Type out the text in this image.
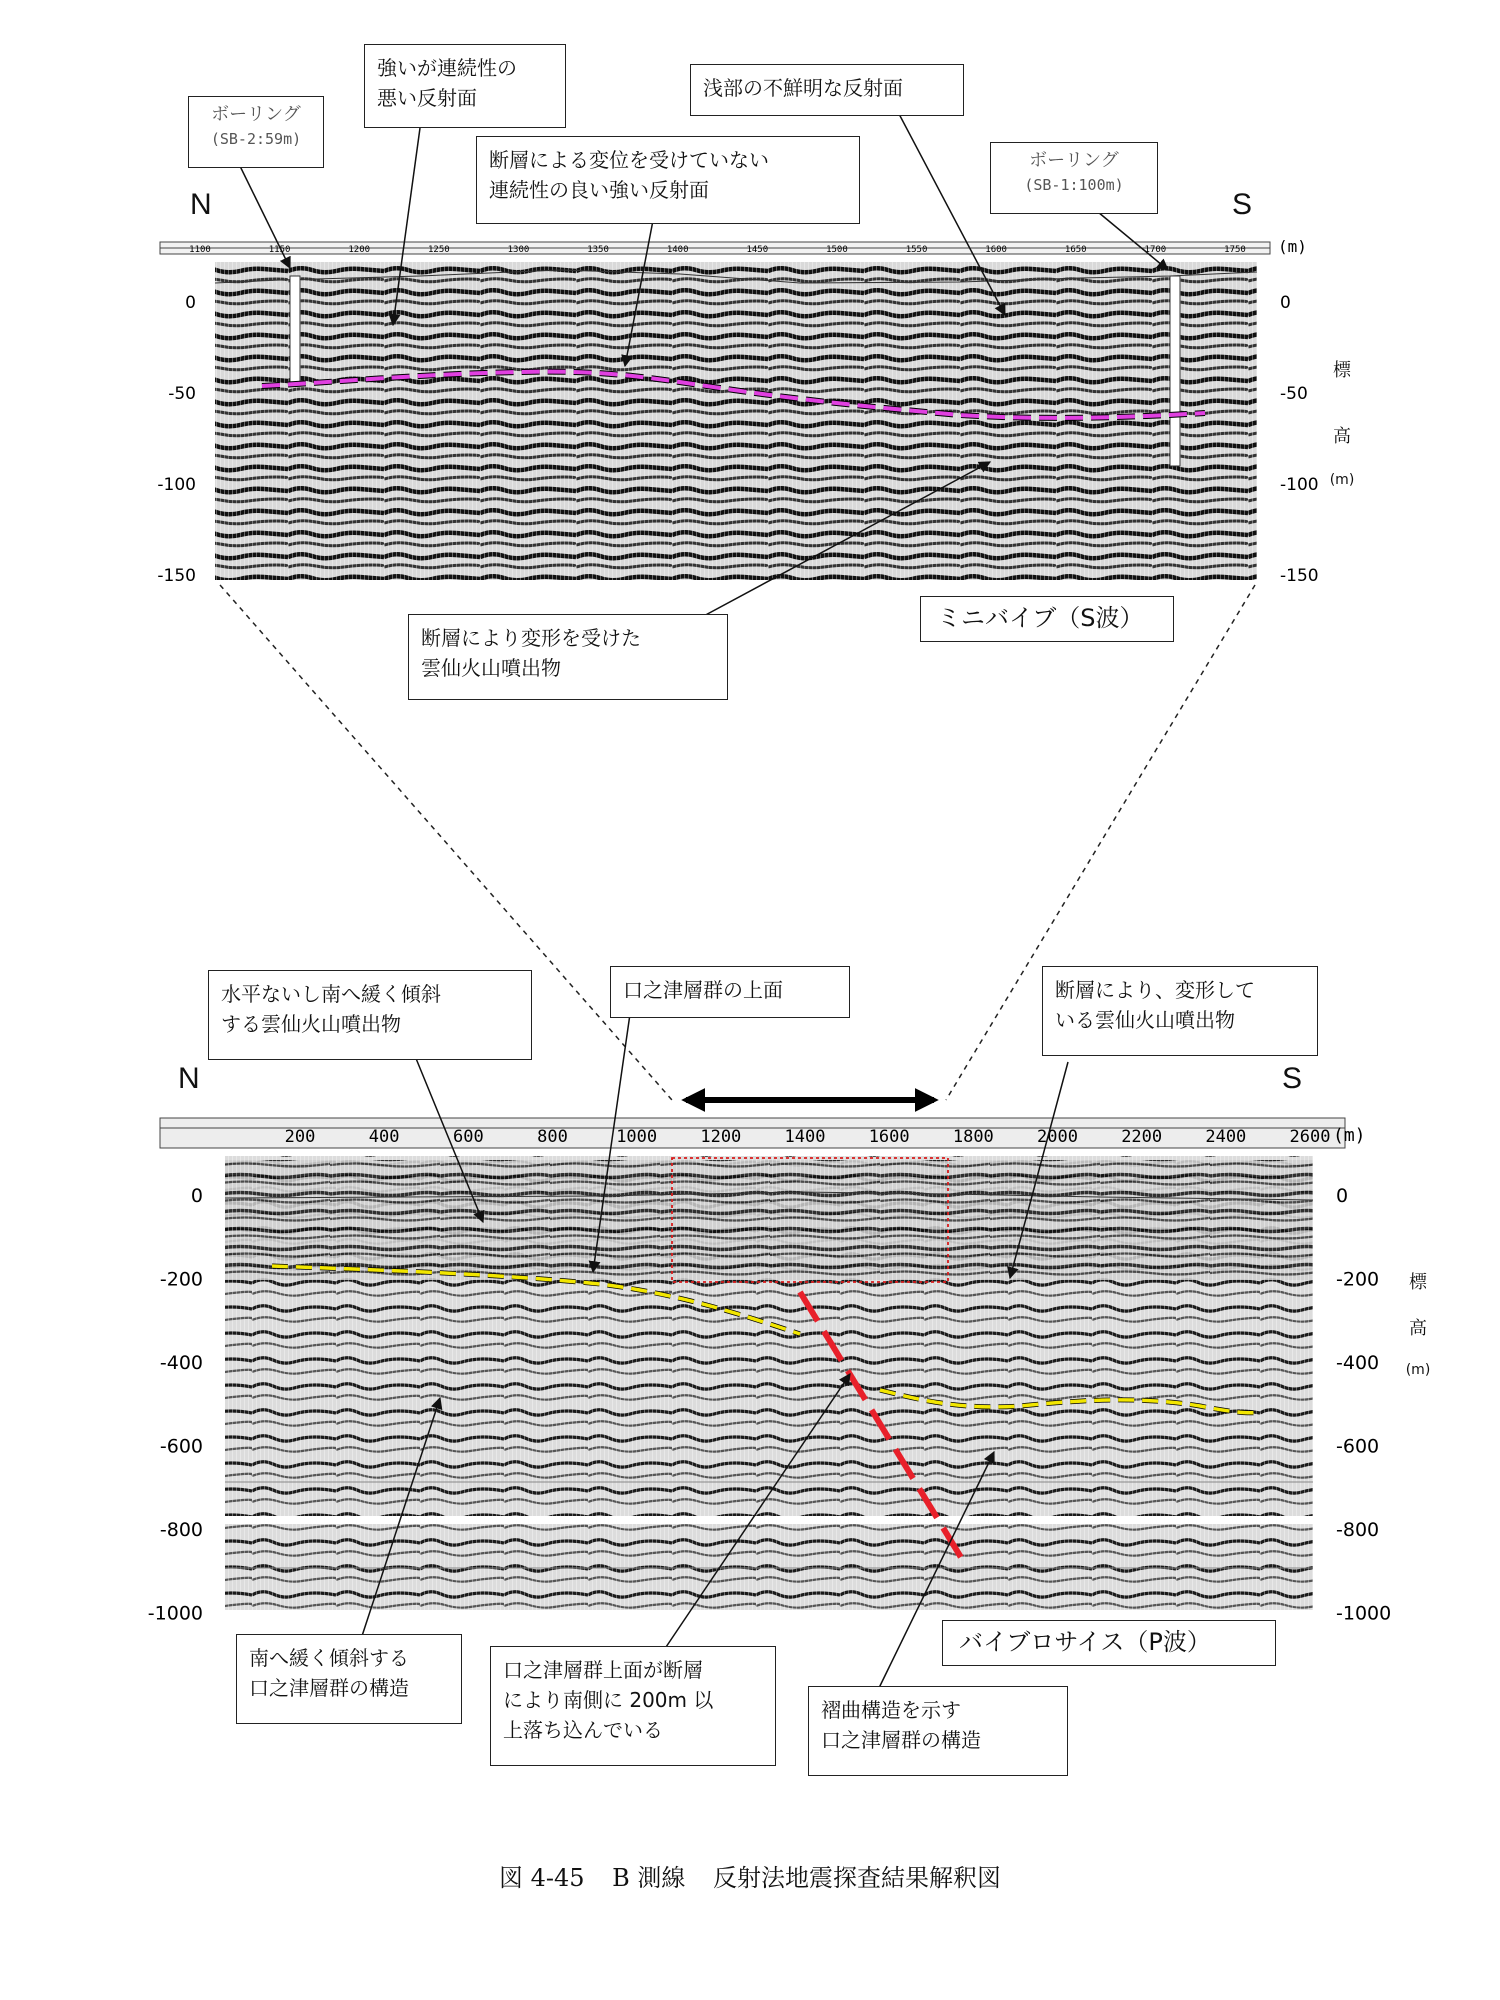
1100	1150	1200	1250	1300	1350	1400	1450	1500	1550	1600	1650	1700	1750 (m)
0
-50
-100
-150
0
-50
-100
-150
200	400	600	800	1000	1200	1400	1600	1800	2000	2200	2400	2600 (m)
0
-200
-400
-600
-800
-1000
0
-200
-400
-600
-800
-1000
N	S
N	S
標
高
(m)
標
高
(m)
ボーリング
(SB-2:59m)
ボーリング
(SB-1:100m)
強いが連続性の
悪い反射面	浅部の不鮮明な反射面
断層による変位を受けていない
連続性の良い強い反射面
断層により変形を受けた
雲仙火山噴出物
ミニバイブ（S波）
水平ないし南へ緩く傾斜
する雲仙火山噴出物
口之津層群の上面	断層により、変形して
いる雲仙火山噴出物
南へ緩く傾斜する
口之津層群の構造
口之津層群上面が断層
により南側に 200m 以
上落ち込んでいる
褶曲構造を示す
口之津層群の構造
バイブロサイス（P波）
図 4-45 B 測線 反射法地震探査結果解釈図
